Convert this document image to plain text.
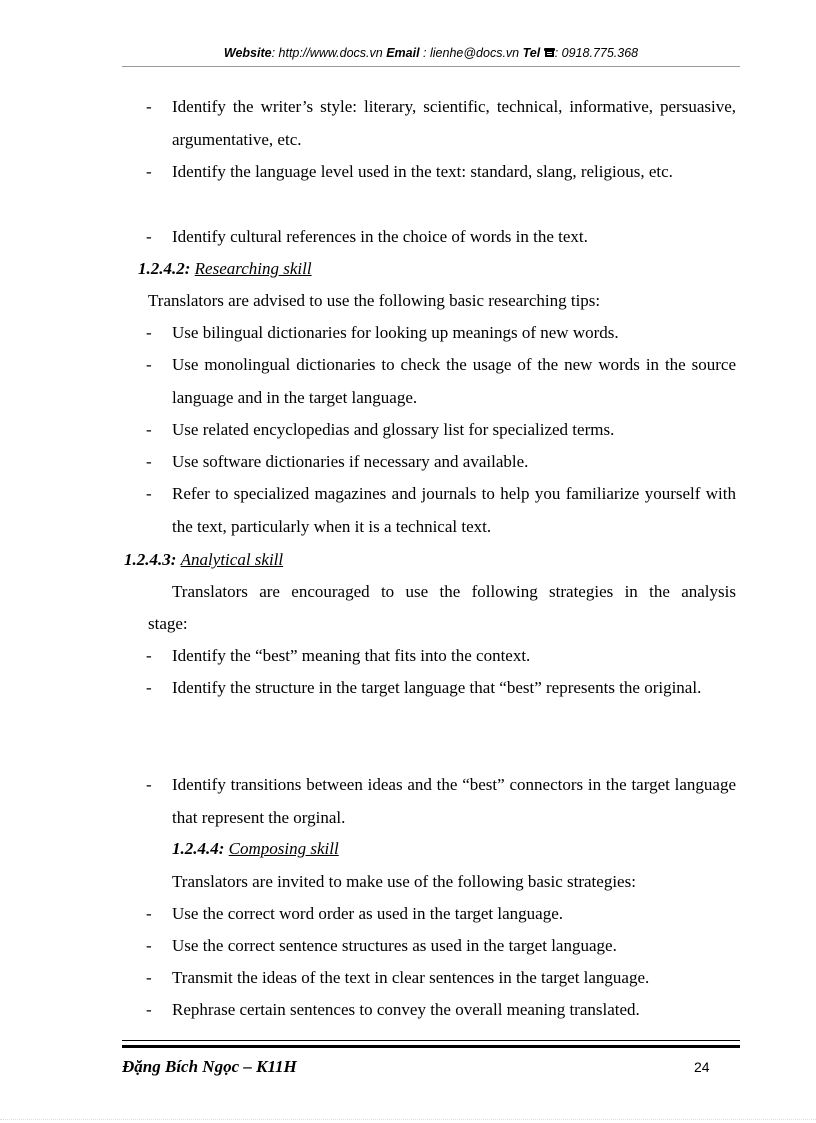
Website: http://www.docs.vn Email : lienhe@docs.vn Tel : 0918.775.368
- Identify the writer’s style: literary, scientific, technical, informative, persuasive, argumentative, etc.
- Identify the language level used in the text: standard, slang, religious, etc.
- Identify cultural references in the choice of words in the text.
1.2.4.2: Researching skill
Translators are advised to use the following basic researching tips:
- Use bilingual dictionaries for looking up meanings of new words.
- Use monolingual dictionaries to check the usage of the new words in the source language and in the target language.
- Use related encyclopedias and glossary list for specialized terms.
- Use software dictionaries if necessary and available.
- Refer to specialized magazines and journals to help you familiarize yourself with the text, particularly when it is a technical text.
1.2.4.3: Analytical skill
Translators are encouraged to use the following strategies in the analysis
stage:
- Identify the “best” meaning that fits into the context.
- Identify the structure in the target language that “best” represents the original.
- Identify transitions between ideas and the “best” connectors in the target language that represent the orginal.
1.2.4.4: Composing skill
Translators are invited to make use of the following basic strategies:
- Use the correct word order as used in the target language.
- Use the correct sentence structures as used in the target language.
- Transmit the ideas of the text in clear sentences in the target language.
- Rephrase certain sentences to convey the overall meaning translated.
Đặng Bích Ngọc – K11H	24
